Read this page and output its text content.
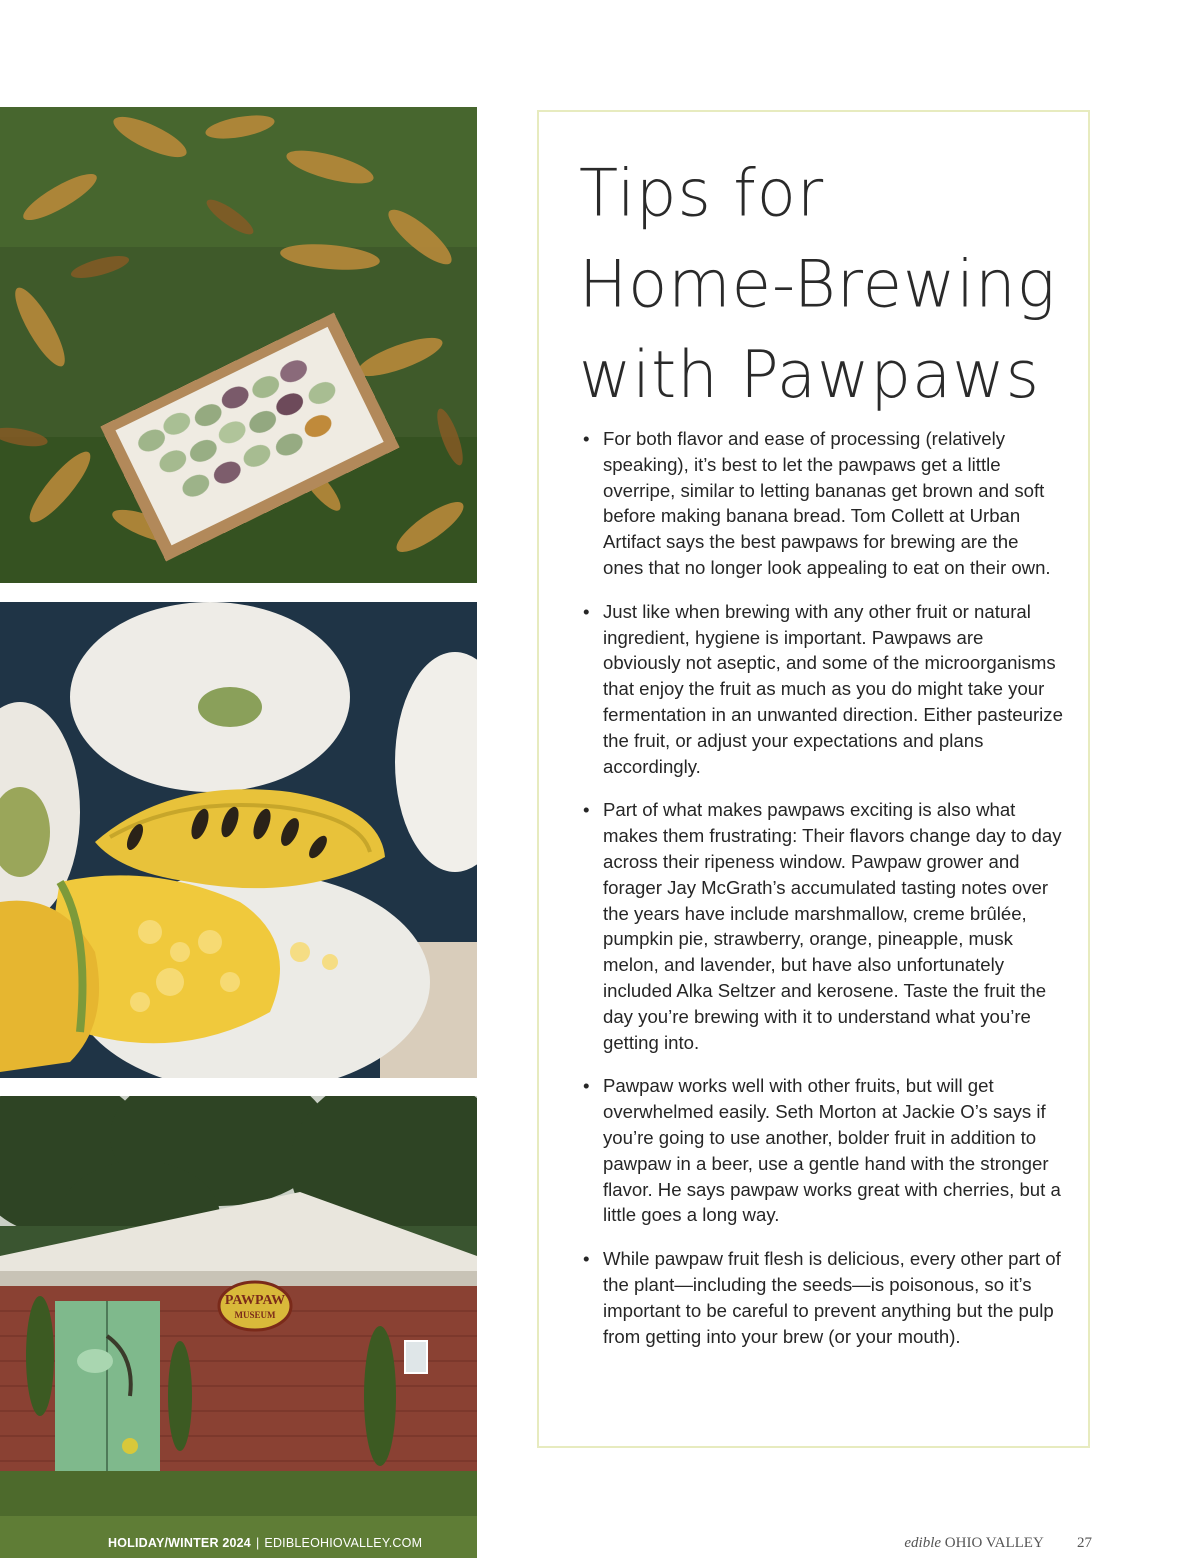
PAWPAW
MUSEUM
Tips for Home-Brewing with Pawpaws
• For both flavor and ease of processing (relatively speaking), it’s best to let the pawpaws get a little overripe, similar to letting bananas get brown and soft before making banana bread. Tom Collett at Urban Artifact says the best pawpaws for brewing are the ones that no longer look appealing to eat on their own.
• Just like when brewing with any other fruit or natural ingredient, hygiene is important. Pawpaws are obviously not aseptic, and some of the microorganisms that enjoy the fruit as much as you do might take your fermentation in an unwanted direction. Either pasteurize the fruit, or adjust your expectations and plans accordingly.
• Part of what makes pawpaws exciting is also what makes them frustrating: Their flavors change day to day across their ripeness window. Pawpaw grower and forager Jay McGrath’s accumulated tasting notes over the years have include marshmallow, creme brûlée, pumpkin pie, strawberry, orange, pineapple, musk melon, and lavender, but have also unfortunately included Alka Seltzer and kerosene. Taste the fruit the day you’re brewing with it to understand what you’re getting into.
• Pawpaw works well with other fruits, but will get overwhelmed easily. Seth Morton at Jackie O’s says if you’re going to use another, bolder fruit in addition to pawpaw in a beer, use a gentle hand with the stronger flavor. He says pawpaw works great with cherries, but a little goes a long way.
• While pawpaw fruit flesh is delicious, every other part of the plant—including the seeds—is poisonous, so it’s important to be careful to prevent anything but the pulp from getting into your brew (or your mouth).
HOLIDAY/WINTER 2024 | EDIBLEOHIOVALLEY.COM	edible OHIO VALLEY 27
